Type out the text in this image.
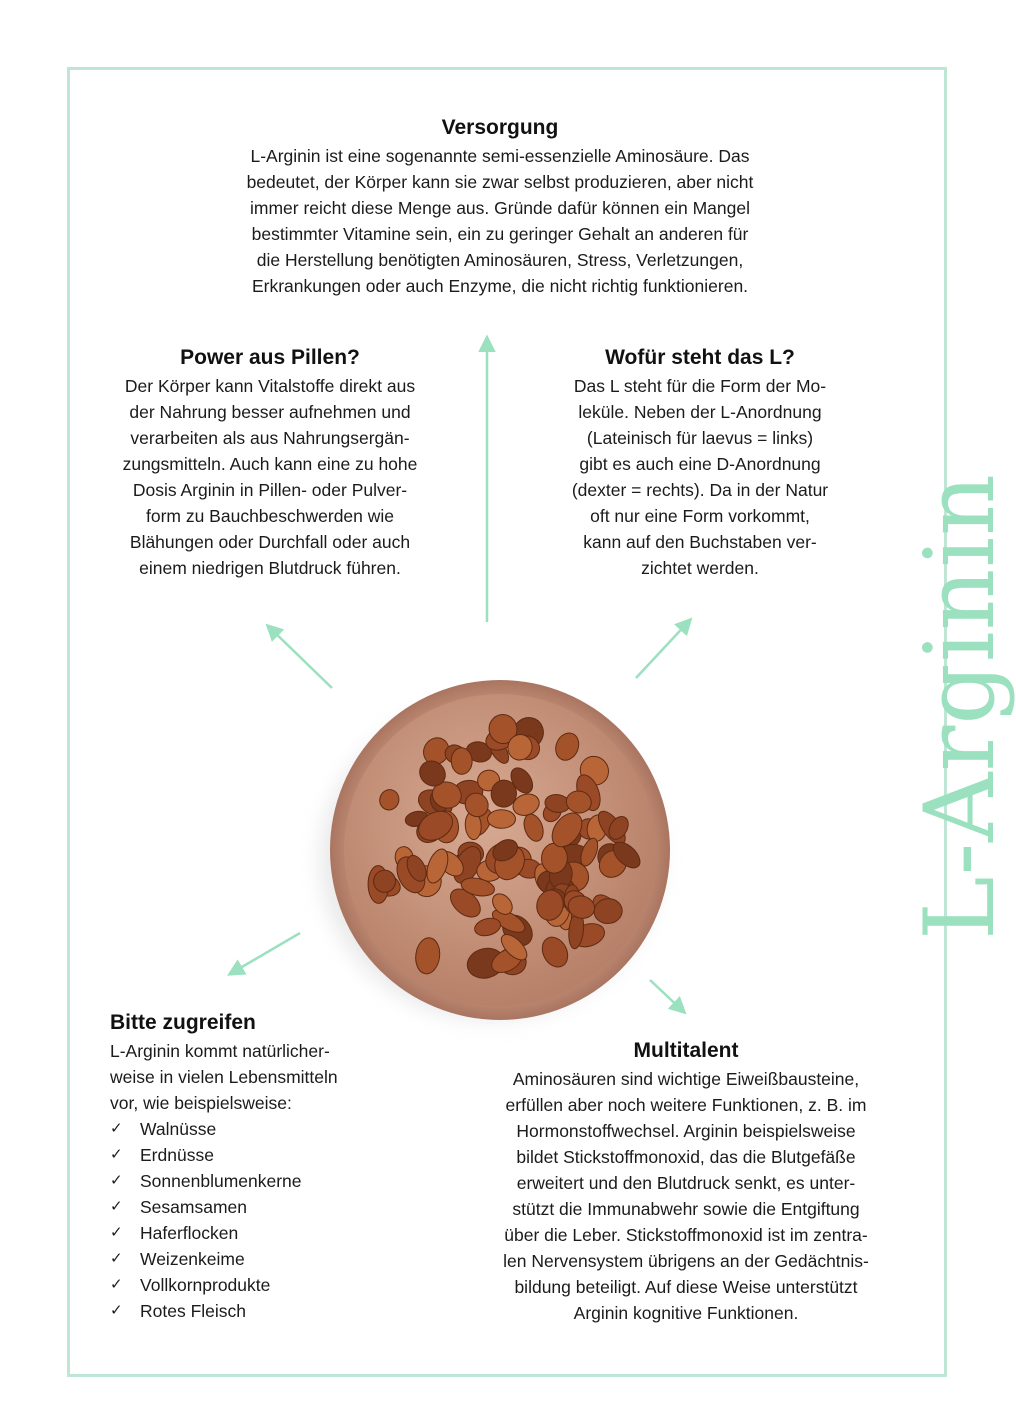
Versorgung

L-Arginin ist eine sogenannte semi-essenzielle Aminosäure. Das

bedeutet, der Körper kann sie zwar selbst produzieren, aber nicht

immer reicht diese Menge aus. Gründe dafür können ein Mangel

bestimmter Vitamine sein, ein zu geringer Gehalt an anderen für

die Herstellung benötigten Aminosäuren, Stress, Verletzungen,

Erkrankungen oder auch Enzyme, die nicht richtig funktionieren.

Power aus Pillen?

Der Körper kann Vitalstoffe direkt aus

der Nahrung besser aufnehmen und

verarbeiten als aus Nahrungsergän-

zungsmitteln. Auch kann eine zu hohe

Dosis Arginin in Pillen- oder Pulver-

form zu Bauchbeschwerden wie

Blähungen oder Durchfall oder auch

einem niedrigen Blutdruck führen.

Wofür steht das L?

Das L steht für die Form der Mo-

leküle. Neben der L-Anordnung

(Lateinisch für laevus = links)

gibt es auch eine D-Anordnung

(dexter = rechts). Da in der Natur

oft nur eine Form vorkommt,

kann auf den Buchstaben ver-

zichtet werden.

Bitte zugreifen

L-Arginin kommt natürlicher-

weise in vielen Lebensmitteln

vor, wie beispielsweise:

✓ Walnüsse
✓ Erdnüsse
✓ Sonnenblumenkerne
✓ Sesamsamen
✓ Haferflocken
✓ Weizenkeime
✓ Vollkornprodukte
✓ Rotes Fleisch
Multitalent

Aminosäuren sind wichtige Eiweißbausteine,

erfüllen aber noch weitere Funktionen, z. B. im

Hormonstoffwechsel. Arginin beispielsweise

bildet Stickstoffmonoxid, das die Blutgefäße

erweitert und den Blutdruck senkt, es unter-

stützt die Immunabwehr sowie die Entgiftung

über die Leber. Stickstoffmonoxid ist im zentra-

len Nervensystem übrigens an der Gedächtnis-

bildung beteiligt. Auf diese Weise unterstützt

Arginin kognitive Funktionen.

L-Arginin
